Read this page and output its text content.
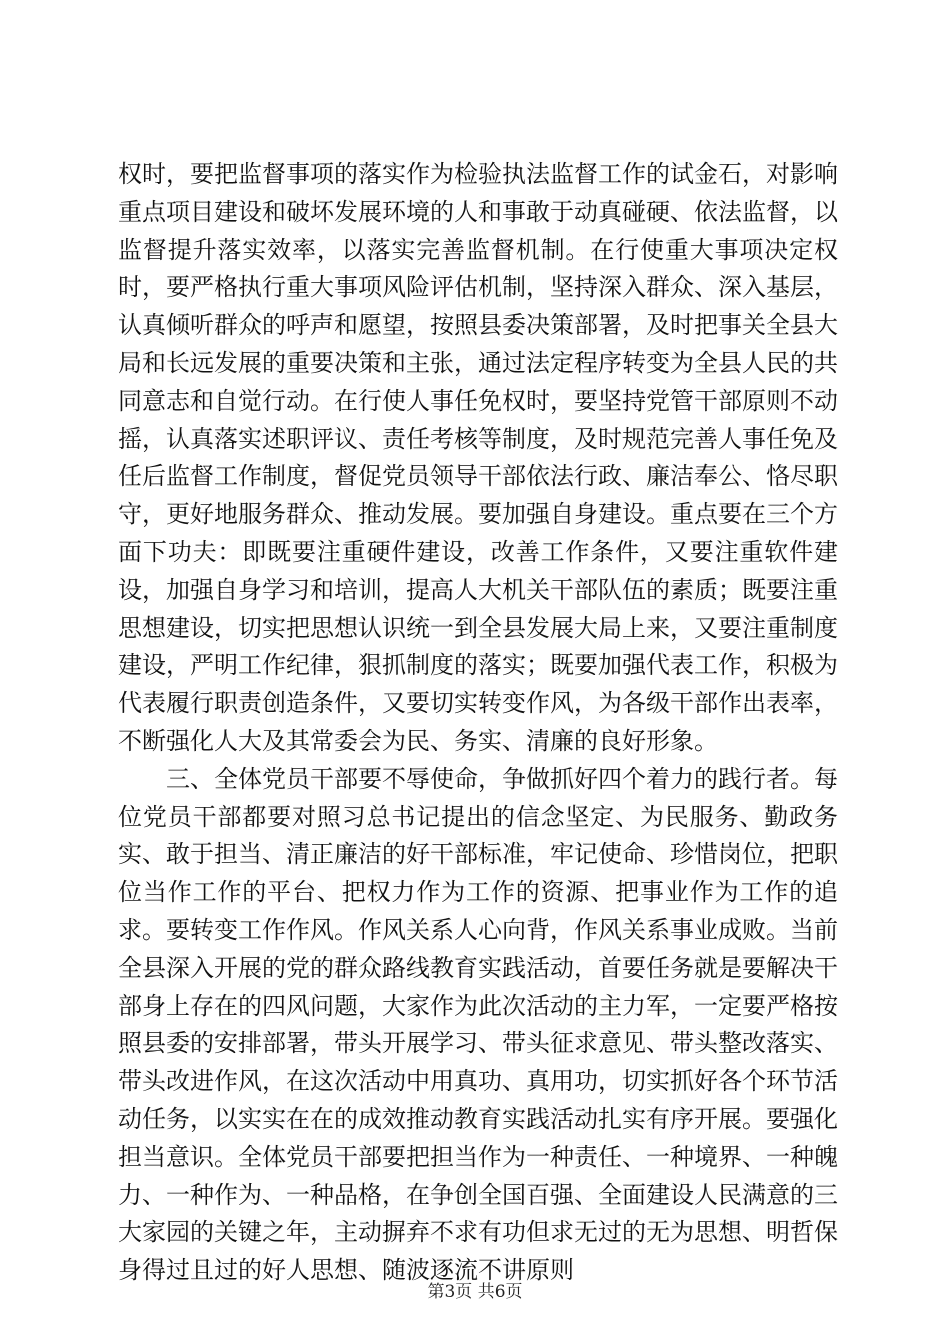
权时，要把监督事项的落实作为检验执法监督工作的试金石，对影响重点项目建设和破坏发展环境的人和事敢于动真碰硬、依法监督，以监督提升落实效率，以落实完善监督机制。在行使重大事项决定权时，要严格执行重大事项风险评估机制，坚持深入群众、深入基层，认真倾听群众的呼声和愿望，按照县委决策部署，及时把事关全县大局和长远发展的重要决策和主张，通过法定程序转变为全县人民的共同意志和自觉行动。在行使人事任免权时，要坚持党管干部原则不动摇，认真落实述职评议、责任考核等制度，及时规范完善人事任免及任后监督工作制度，督促党员领导干部依法行政、廉洁奉公、恪尽职守，更好地服务群众、推动发展。要加强自身建设。重点要在三个方面下功夫：即既要注重硬件建设，改善工作条件，又要注重软件建设，加强自身学习和培训，提高人大机关干部队伍的素质；既要注重思想建设，切实把思想认识统一到全县发展大局上来，又要注重制度建设，严明工作纪律，狠抓制度的落实；既要加强代表工作，积极为代表履行职责创造条件，又要切实转变作风，为各级干部作出表率，不断强化人大及其常委会为民、务实、清廉的良好形象。

三、全体党员干部要不辱使命，争做抓好四个着力的践行者。每位党员干部都要对照习总书记提出的信念坚定、为民服务、勤政务实、敢于担当、清正廉洁的好干部标准，牢记使命、珍惜岗位，把职位当作工作的平台、把权力作为工作的资源、把事业作为工作的追求。要转变工作作风。作风关系人心向背，作风关系事业成败。当前全县深入开展的党的群众路线教育实践活动，首要任务就是要解决干部身上存在的四风问题，大家作为此次活动的主力军，一定要严格按照县委的安排部署，带头开展学习、带头征求意见、带头整改落实、带头改进作风，在这次活动中用真功、真用功，切实抓好各个环节活动任务，以实实在在的成效推动教育实践活动扎实有序开展。要强化担当意识。全体党员干部要把担当作为一种责任、一种境界、一种魄力、一种作为、一种品格，在争创全国百强、全面建设人民满意的三大家园的关键之年，主动摒弃不求有功但求无过的无为思想、明哲保身得过且过的好人思想、随波逐流不讲原则

第3页 共6页
